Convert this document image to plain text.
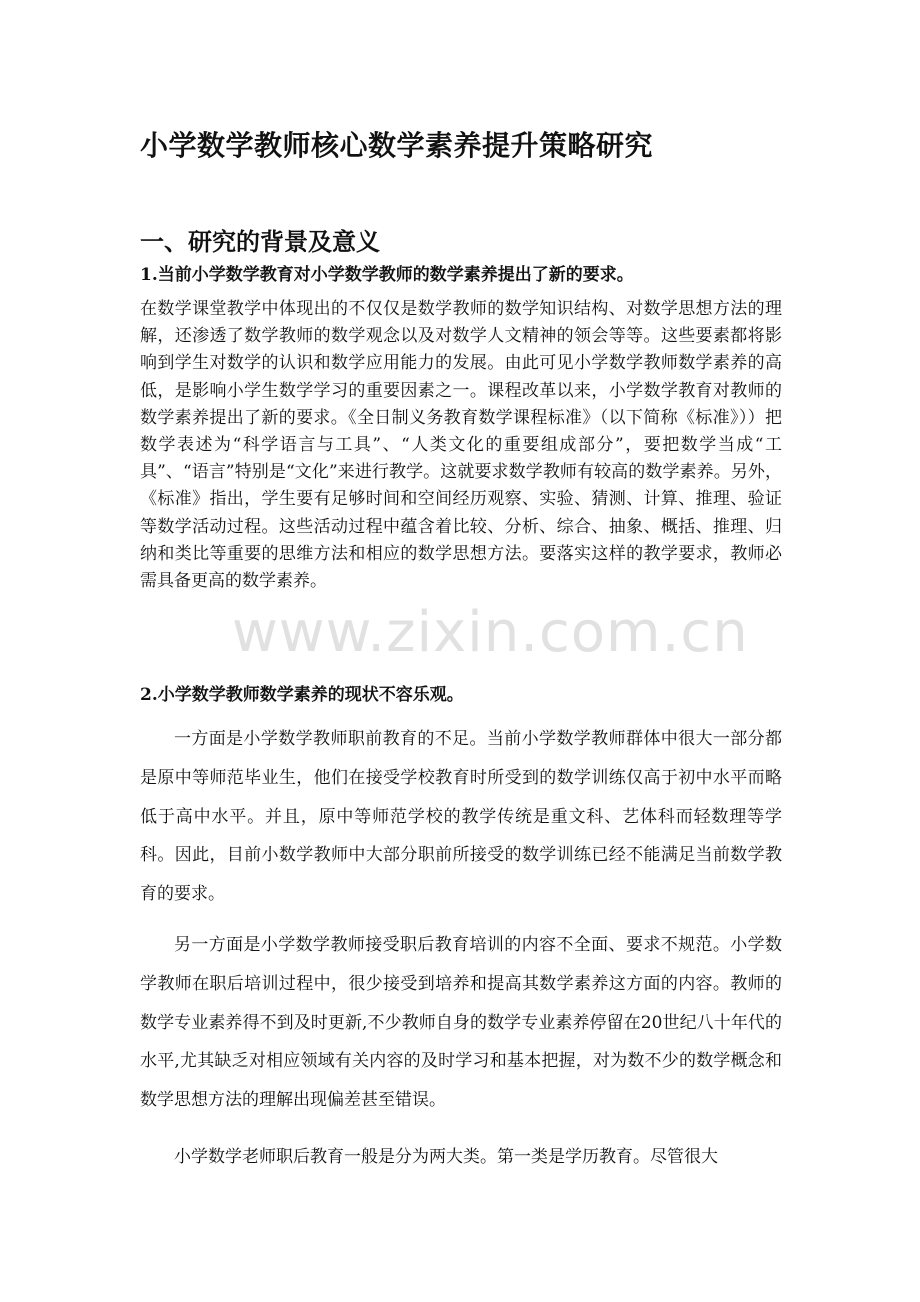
小学数学教师核心数学素养提升策略研究
一、研究的背景及意义
1.当前小学数学教育对小学数学教师的数学素养提出了新的要求。

在数学课堂教学中体现出的不仅仅是数学教师的数学知识结构、对数学思想方法的理解，还渗透了数学教师的数学观念以及对数学人文精神的领会等等。这些要素都将影响到学生对数学的认识和数学应用能力的发展。由此可见小学数学教师数学素养的高低，是影响小学生数学学习的重要因素之一。课程改革以来，小学数学教育对教师的数学素养提出了新的要求。《全日制义务教育数学课程标准》（以下简称《标准》））把数学表述为“科学语言与工具”、“人类文化的重要组成部分”，要把数学当成“工具”、“语言”特别是“文化”来进行教学。这就要求数学教师有较高的数学素养。另外，《标准》指出，学生要有足够时间和空间经历观察、实验、猜测、计算、推理、验证等数学活动过程。这些活动过程中蕴含着比较、分析、综合、抽象、概括、推理、归纳和类比等重要的思维方法和相应的数学思想方法。要落实这样的教学要求，教师必需具备更高的数学素养。

2.小学数学教师数学素养的现状不容乐观。

一方面是小学数学教师职前教育的不足。当前小学数学教师群体中很大一部分都是原中等师范毕业生，他们在接受学校教育时所受到的数学训练仅高于初中水平而略低于高中水平。并且，原中等师范学校的教学传统是重文科、艺体科而轻数理等学科。因此，目前小数学教师中大部分职前所接受的数学训练已经不能满足当前数学教育的要求。

另一方面是小学数学教师接受职后教育培训的内容不全面、要求不规范。小学数学教师在职后培训过程中，很少接受到培养和提高其数学素养这方面的内容。教师的数学专业素养得不到及时更新,不少教师自身的数学专业素养停留在20世纪八十年代的水平,尤其缺乏对相应领域有关内容的及时学习和基本把握，对为数不少的数学概念和数学思想方法的理解出现偏差甚至错误。

小学数学老师职后教育一般是分为两大类。第一类是学历教育。尽管很大

www.zixin.com.cn
